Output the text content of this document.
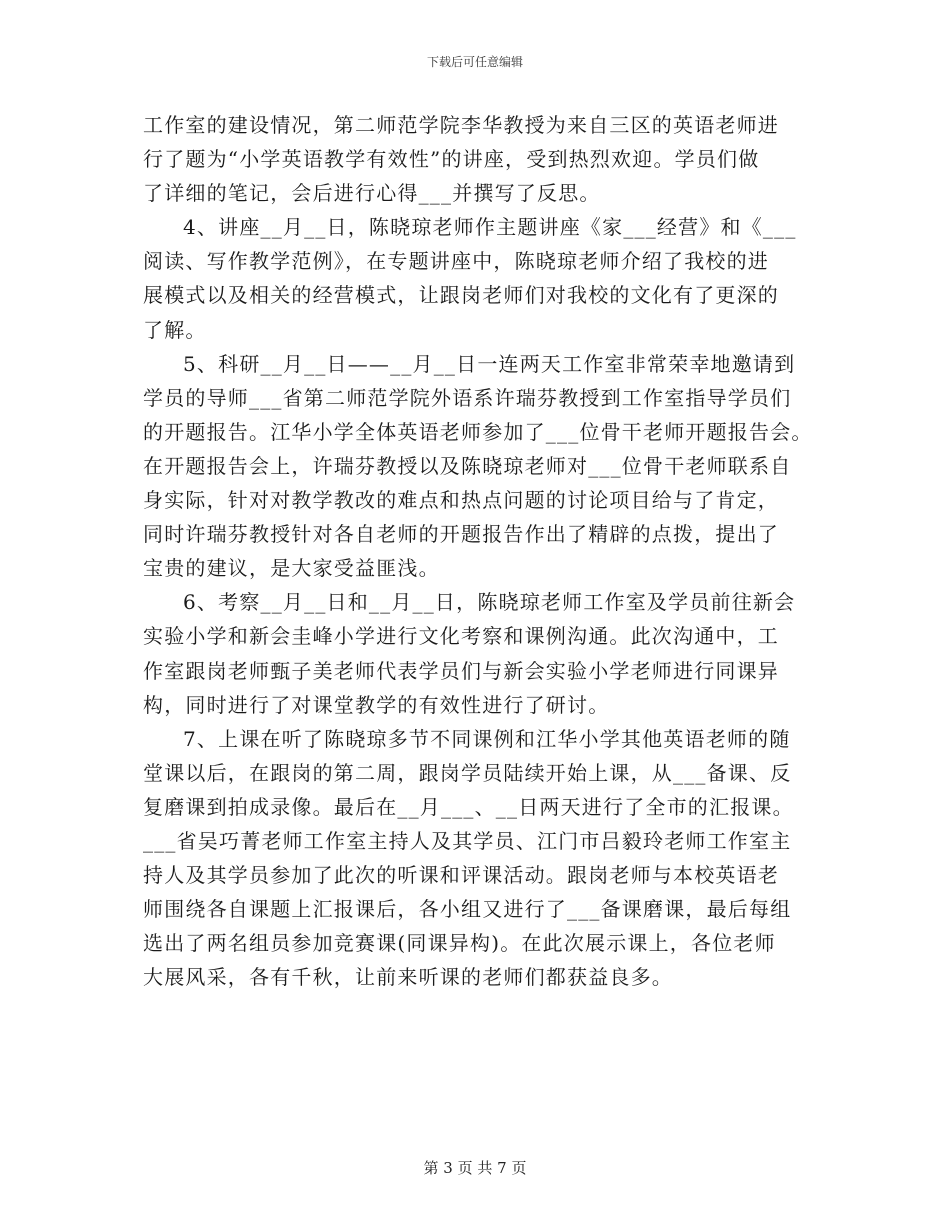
下载后可任意编辑
工作室的建设情况，第二师范学院李华教授为来自三区的英语老师进
行了题为“小学英语教学有效性”的讲座，受到热烈欢迎。学员们做
了详细的笔记，会后进行心得___并撰写了反思。
4、讲座__月__日，陈晓琼老师作主题讲座《家___经营》和《___
阅读、写作教学范例》，在专题讲座中，陈晓琼老师介绍了我校的进
展模式以及相关的经营模式，让跟岗老师们对我校的文化有了更深的
了解。
5、科研__月__日——__月__日一连两天工作室非常荣幸地邀请到
学员的导师___省第二师范学院外语系许瑞芬教授到工作室指导学员们
的开题报告。江华小学全体英语老师参加了___位骨干老师开题报告会。
在开题报告会上，许瑞芬教授以及陈晓琼老师对___位骨干老师联系自
身实际，针对对教学教改的难点和热点问题的讨论项目给与了肯定，
同时许瑞芬教授针对各自老师的开题报告作出了精辟的点拨，提出了
宝贵的建议，是大家受益匪浅。
6、考察__月__日和__月__日，陈晓琼老师工作室及学员前往新会
实验小学和新会圭峰小学进行文化考察和课例沟通。此次沟通中，工
作室跟岗老师甄子美老师代表学员们与新会实验小学老师进行同课异
构，同时进行了对课堂教学的有效性进行了研讨。
7、上课在听了陈晓琼多节不同课例和江华小学其他英语老师的随
堂课以后，在跟岗的第二周，跟岗学员陆续开始上课，从___备课、反
复磨课到拍成录像。最后在__月___、__日两天进行了全市的汇报课。
___省吴巧菁老师工作室主持人及其学员、江门市吕毅玲老师工作室主
持人及其学员参加了此次的听课和评课活动。跟岗老师与本校英语老
师围绕各自课题上汇报课后，各小组又进行了___备课磨课，最后每组
选出了两名组员参加竞赛课(同课异构)。在此次展示课上，各位老师
大展风采，各有千秋，让前来听课的老师们都获益良多。
第 3 页 共 7 页
